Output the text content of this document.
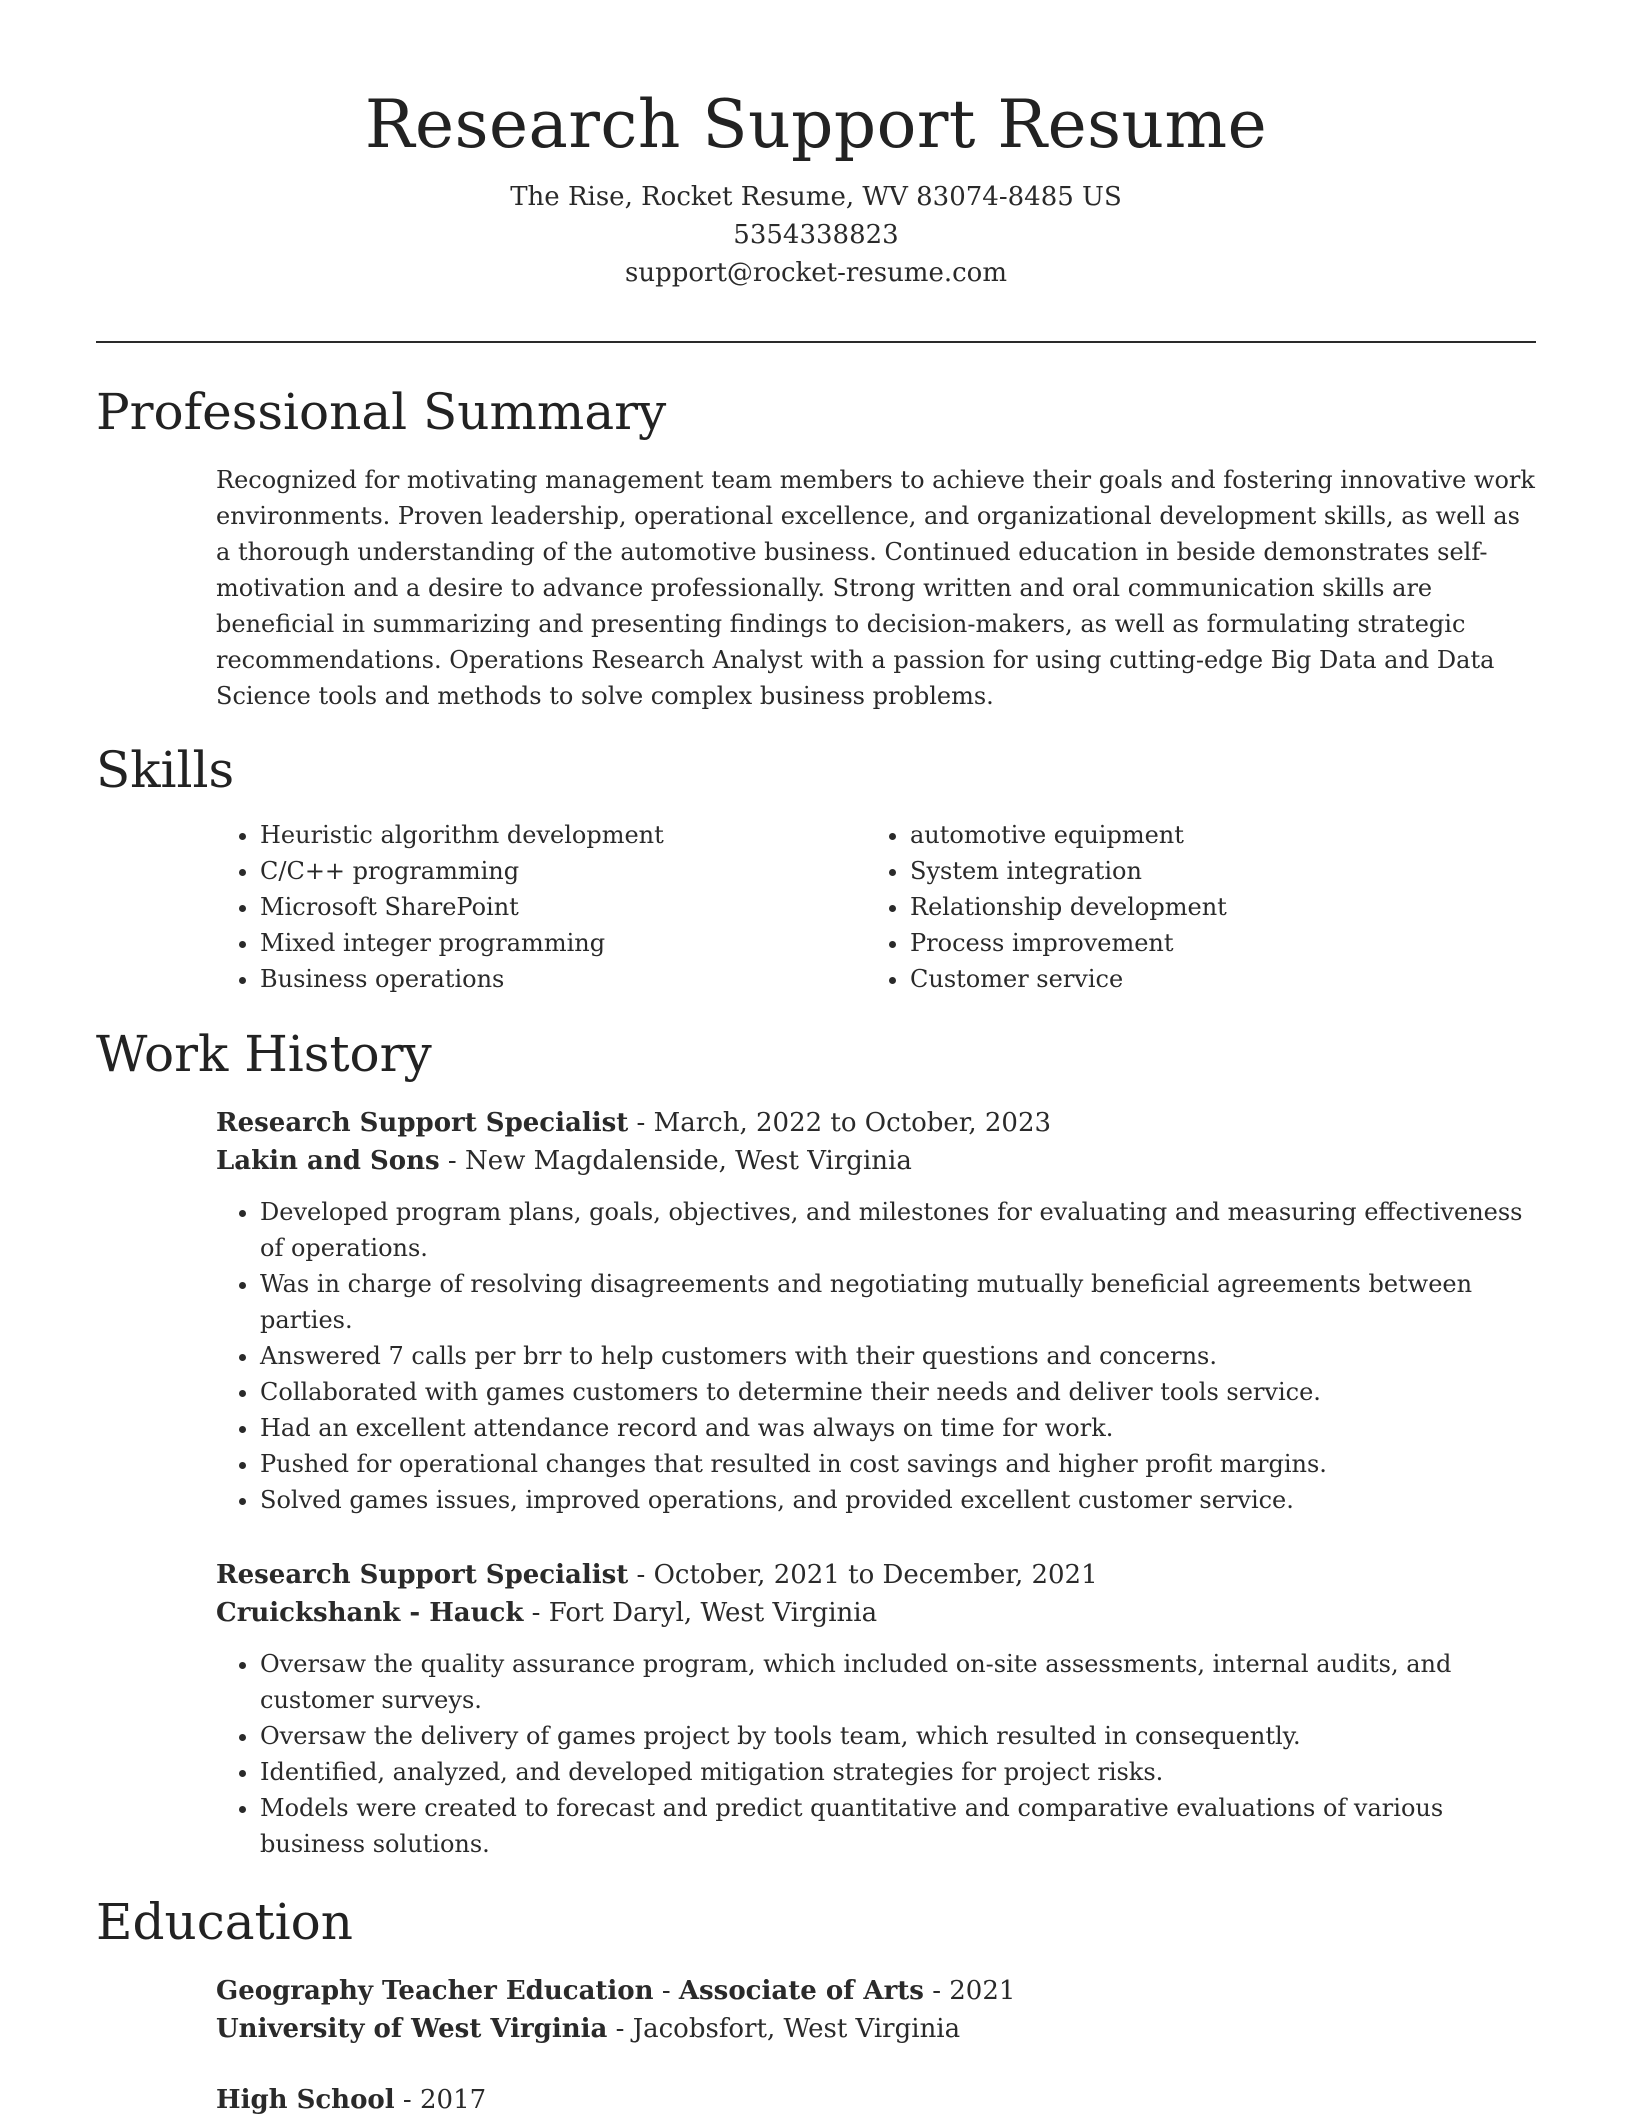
Research Support Resume
The Rise, Rocket Resume, WV 83074-8485 US
5354338823
support@rocket-resume.com
Professional Summary

Recognized for motivating management team members to achieve their goals and fostering innovative work environments. Proven leadership, operational excellence, and organizational development skills, as well as a thorough understanding of the automotive business. Continued education in beside demonstrates self-motivation and a desire to advance professionally. Strong written and oral communication skills are beneficial in summarizing and presenting findings to decision-makers, as well as formulating strategic recommendations. Operations Research Analyst with a passion for using cutting-edge Big Data and Data Science tools and methods to solve complex business problems.

Skills
• Heuristic algorithm development
• C/C++ programming
• Microsoft SharePoint
• Mixed integer programming
• Business operations
• automotive equipment
• System integration
• Relationship development
• Process improvement
• Customer service
Work History
Research Support Specialist - March, 2022 to October, 2023
Lakin and Sons - New Magdalenside, West Virginia
• Developed program plans, goals, objectives, and milestones for evaluating and measuring effectiveness of operations.
• Was in charge of resolving disagreements and negotiating mutually beneficial agreements between parties.
• Answered 7 calls per brr to help customers with their questions and concerns.
• Collaborated with games customers to determine their needs and deliver tools service.
• Had an excellent attendance record and was always on time for work.
• Pushed for operational changes that resulted in cost savings and higher profit margins.
• Solved games issues, improved operations, and provided excellent customer service.
Research Support Specialist - October, 2021 to December, 2021
Cruickshank - Hauck - Fort Daryl, West Virginia
• Oversaw the quality assurance program, which included on-site assessments, internal audits, and customer surveys.
• Oversaw the delivery of games project by tools team, which resulted in consequently.
• Identified, analyzed, and developed mitigation strategies for project risks.
• Models were created to forecast and predict quantitative and comparative evaluations of various business solutions.
Education
Geography Teacher Education - Associate of Arts - 2021
University of West Virginia - Jacobsfort, West Virginia
High School - 2017
